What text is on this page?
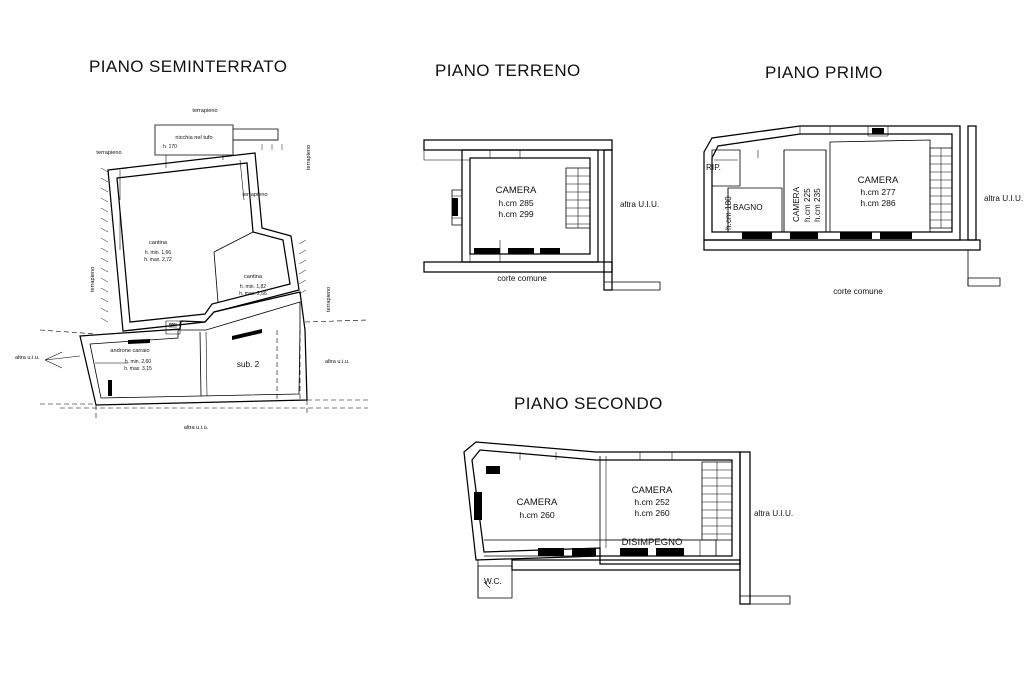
PIANO SEMINTERRATO	PIANO TERRENO	PIANO PRIMO
PIANO SECONDO
terrapieno
terrapieno
terrapieno
terrapieno
terrapieno
terrapieno
nicchia nel tufo
h. 170
cantina
h. min. 1,66
h. max. 2,72
cantina
h. min. 1,82
h. max. 2,66
androne carraio
h. min. 2,60
h. max. 3,15	sub. 2
altra u.i.u.
altra u.i.u.
altra u.i.u.
pzz
CAMERA
h.cm 285
h.cm 299
altra U.I.U.
corte comune
RIP.
BAGNO
h.cm 180	CAMERA h.cm 225 h.cm 235
CAMERA
h.cm 277
h.cm 286	altra U.I.U.
corte comune
CAMERA
h.cm 260
CAMERA
h.cm 252
h.cm 260
DISIMPEGNO
W.C.
altra U.I.U.
